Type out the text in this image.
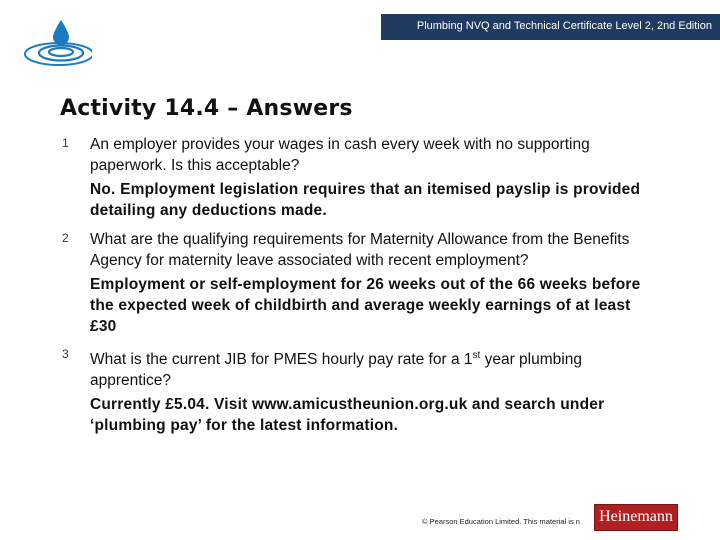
Plumbing NVQ and Technical Certificate Level 2, 2nd Edition
Activity 14.4 – Answers
1 An employer provides your wages in cash every week with no supporting paperwork. Is this acceptable?
No. Employment legislation requires that an itemised payslip is provided detailing any deductions made.
2 What are the qualifying requirements for Maternity Allowance from the Benefits Agency for maternity leave associated with recent employment?
Employment or self-employment for 26 weeks out of the 66 weeks before the expected week of childbirth and average weekly earnings of at least £30
3 What is the current JIB for PMES hourly pay rate for a 1st year plumbing apprentice?
Currently £5.04. Visit www.amicustheunion.org.uk and search under ‘plumbing pay’ for the latest information.
© Pearson Education Limited. This material is n	Heinemann
